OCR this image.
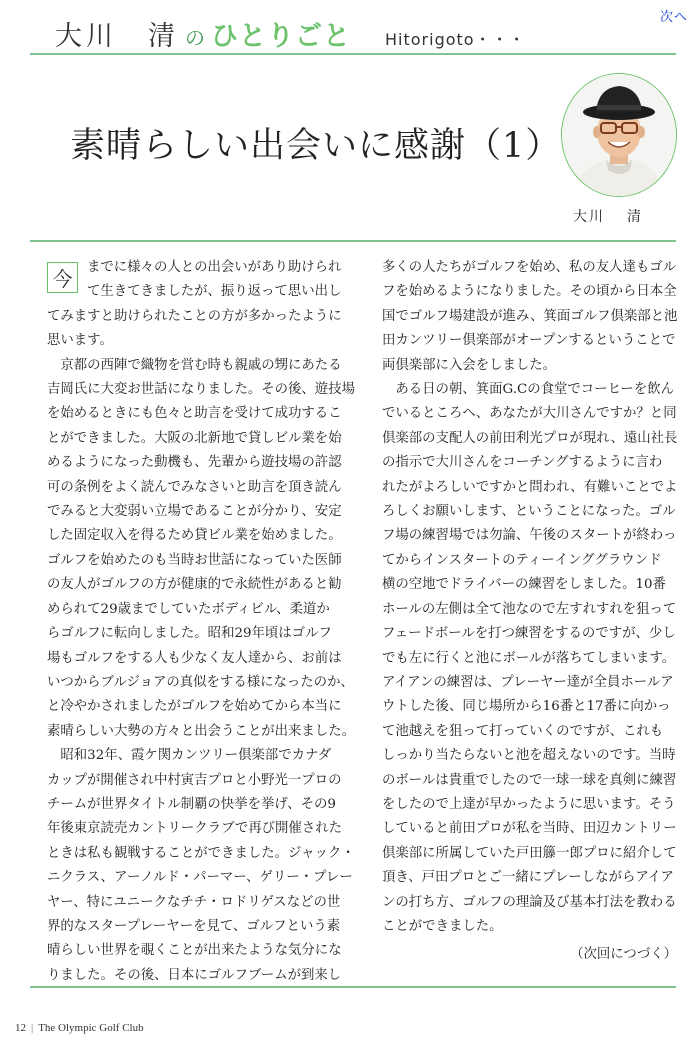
次へ
大川　清 の ひとりごと Hitorigoto・・・
素晴らしい出会いに感謝（1）
大川 清
今	までに様々の人との出会いがあり助けられ

て生きてきましたが、振り返って思い出し

てみますと助けられたことの方が多かったように

思います。

　京都の西陣で織物を営む時も親戚の甥にあたる

吉岡氏に大変お世話になりました。その後、遊技場

を始めるときにも色々と助言を受けて成功するこ

とができました。大阪の北新地で貸しビル業を始

めるようになった動機も、先輩から遊技場の許認

可の条例をよく読んでみなさいと助言を頂き読ん

でみると大変弱い立場であることが分かり、安定

した固定収入を得るため貸ビル業を始めました。

ゴルフを始めたのも当時お世話になっていた医師

の友人がゴルフの方が健康的で永続性があると勧

められて29歳までしていたボディビル、柔道か

らゴルフに転向しました。昭和29年頃はゴルフ

場もゴルフをする人も少なく友人達から、お前は

いつからブルジョアの真似をする様になったのか、

と冷やかされましたがゴルフを始めてから本当に

素晴らしい大勢の方々と出会うことが出来ました。

　昭和32年、霞ケ関カンツリー倶楽部でカナダ

カップが開催され中村寅吉プロと小野光一プロの

チームが世界タイトル制覇の快挙を挙げ、その9

年後東京読売カントリークラブで再び開催された

ときは私も観戦することができました。ジャック・

ニクラス、アーノルド・パーマー、ゲリー・プレー

ヤー、特にユニークなチチ・ロドリゲスなどの世

界的なスタープレーヤーを見て、ゴルフという素

晴らしい世界を覗くことが出来たような気分にな

りました。その後、日本にゴルフブームが到来し

多くの人たちがゴルフを始め、私の友人達もゴル

フを始めるようになりました。その頃から日本全

国でゴルフ場建設が進み、箕面ゴルフ倶楽部と池

田カンツリー倶楽部がオープンするということで

両倶楽部に入会をしました。

　ある日の朝、箕面G.Cの食堂でコーヒーを飲ん

でいるところへ、あなたが大川さんですか？と同

倶楽部の支配人の前田利光プロが現れ、遠山社長

の指示で大川さんをコーチングするように言わ

れたがよろしいですかと問われ、有難いことでよ

ろしくお願いします、ということになった。ゴル

フ場の練習場では勿論、午後のスタートが終わっ

てからインスタートのティーインググラウンド

横の空地でドライバーの練習をしました。10番

ホールの左側は全て池なので左すれすれを狙って

フェードボールを打つ練習をするのですが、少し

でも左に行くと池にボールが落ちてしまいます。

アイアンの練習は、プレーヤー達が全員ホールア

ウトした後、同じ場所から16番と17番に向かっ

て池越えを狙って打っていくのですが、これも

しっかり当たらないと池を超えないのです。当時

のボールは貴重でしたので一球一球を真剣に練習

をしたので上達が早かったように思います。そう

していると前田プロが私を当時、田辺カントリー

倶楽部に所属していた戸田籐一郎プロに紹介して

頂き、戸田プロとご一緒にプレーしながらアイア

ンの打ち方、ゴルフの理論及び基本打法を教わる

ことができました。

（次回につづく）

12 | The Olympic Golf Club
